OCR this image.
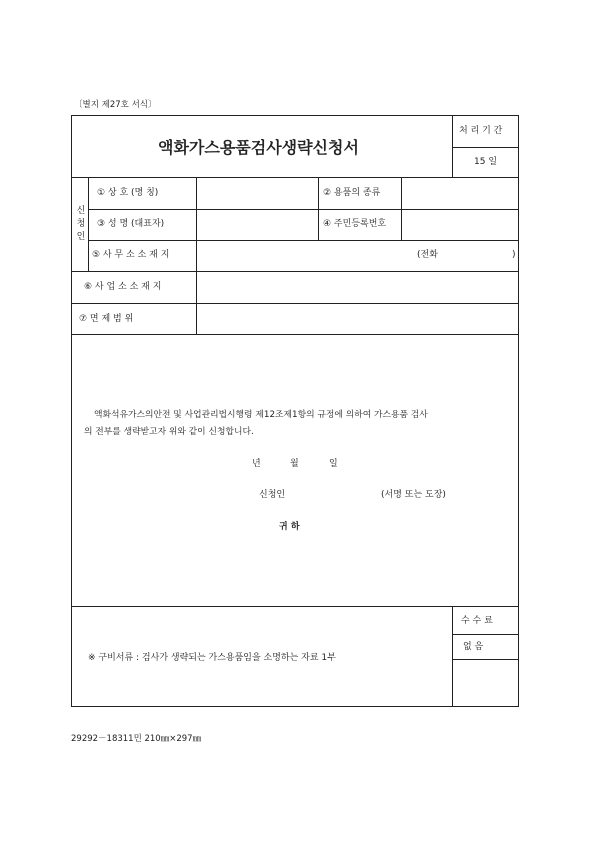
〔별지 제27호 서식〕
액화가스용품검사생략신청서
처 리 기 간
15 일
신청인
① 상 호 (명 칭)	② 용품의 종류
③ 성 명 (대표자)	④ 주민등록번호
⑤ 사 무 소 소 재 지	(전화	)
⑥ 사 업 소 소 재 지
⑦ 면 제 범 위
액화석유가스의안전 및 사업관리법시행령 제12조제1항의 규정에 의하여 가스용품 검사
의 전부를 생략받고자 위와 같이 신청합니다.
년	월	일
신청인	(서명 또는 도장)
귀 하
※ 구비서류 : 검사가 생략되는 가스용품임을 소명하는 자료 1부
수 수 료
없 음
29292－18311민 210㎜×297㎜
